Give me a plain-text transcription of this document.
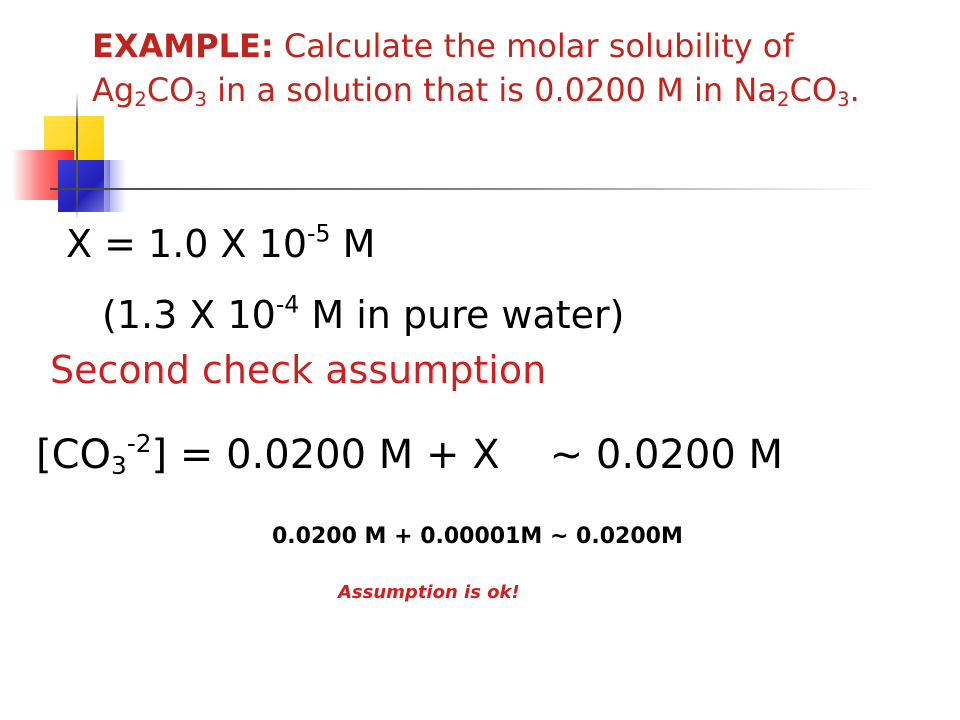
EXAMPLE: Calculate the molar solubility of $Ag_2CO_3$ in a solution that is 0.0200 M in $Na_2CO_3$.
X = 1.0 X $10^{-5}$ M
(1.3 X $10^{-4}$ M in pure water)
Second check assumption
$[CO_3^{-2}] = 0.0200$ M + X ~ 0.0200 M
0.0200 M + 0.00001M ~ 0.0200M
Assumption is ok!
